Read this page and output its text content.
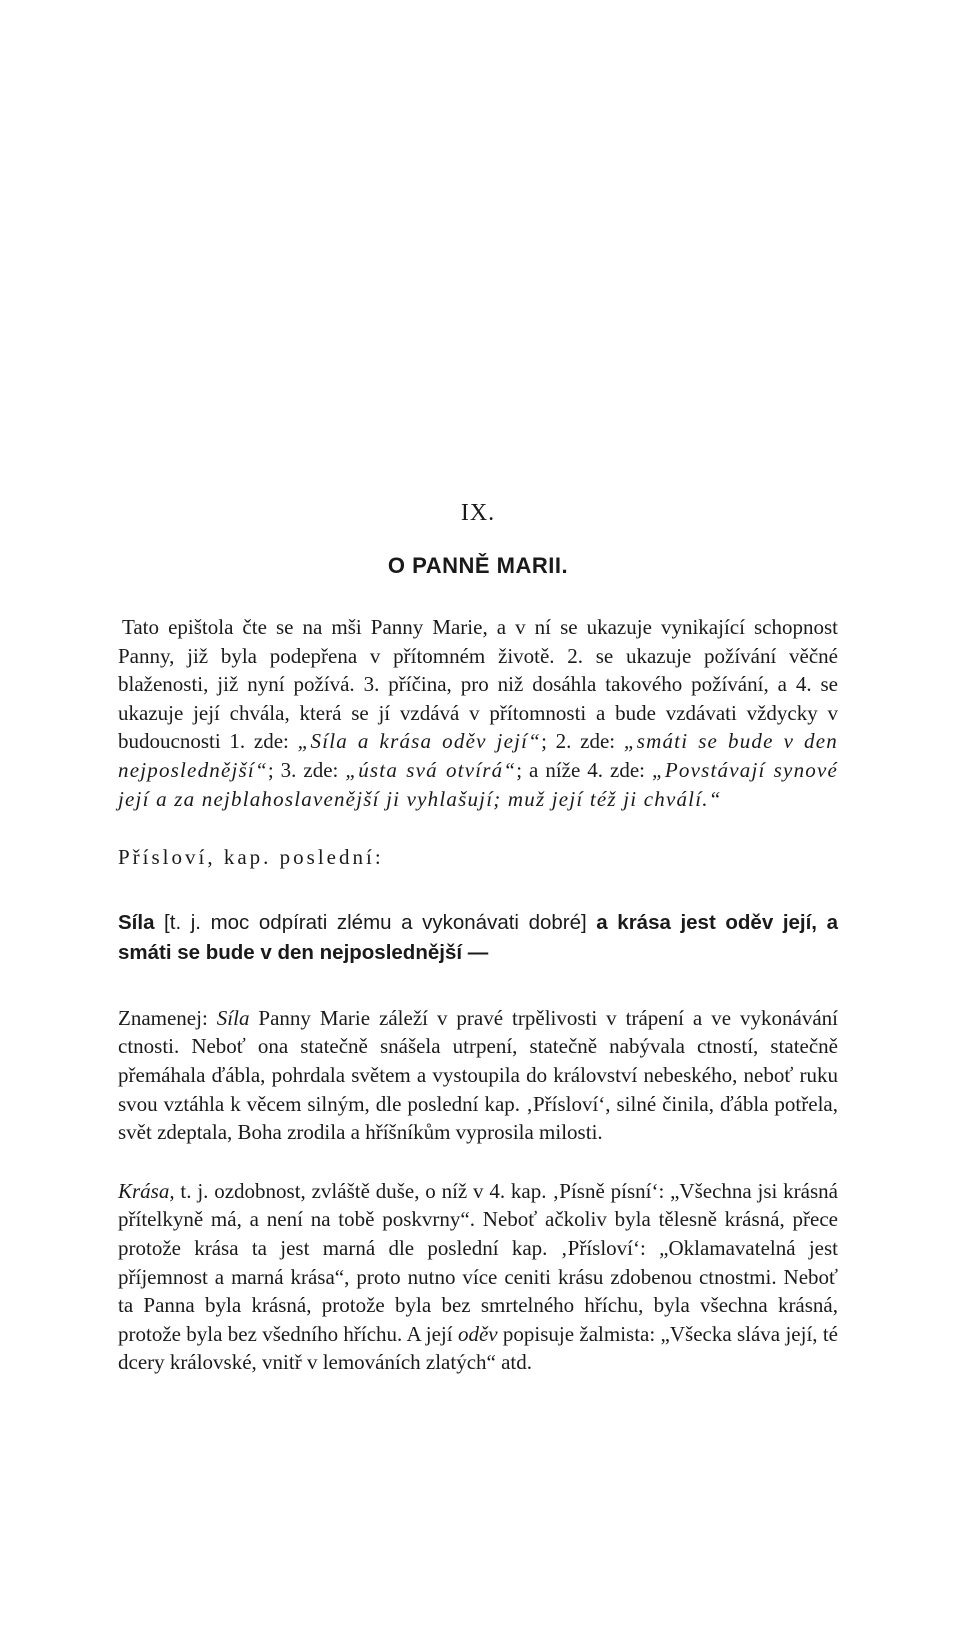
IX.
O PANNĚ MARII.

Tato epištola čte se na mši Panny Marie, a v ní se ukazuje vynikající schopnost Panny, již byla podepřena v přítomném životě. 2. se ukazuje požívání věčné blaženosti, již nyní požívá. 3. příčina, pro niž dosáhla takového požívání, a 4. se ukazuje její chvála, která se jí vzdává v přítomnosti a bude vzdávati vždycky v budoucnosti 1. zde: „Síla a krása oděv její“; 2. zde: „smáti se bude v den nejposlednější“; 3. zde: „ústa svá otvírá“; a níže 4. zde: „Povstávají synové její a za nejblahoslavenější ji vyhlašují; muž její též ji chválí.“

Přísloví, kap. poslední:

Síla [t. j. moc odpírati zlému a vykonávati dobré] a krása jest oděv její, a smáti se bude v den nejposlednější —

Znamenej: Síla Panny Marie záleží v pravé trpělivosti v trápení a ve vykonávání ctnosti. Neboť ona statečně snášela utrpení, statečně nabývala ctností, statečně přemáhala ďábla, pohrdala světem a vystoupila do království nebeského, neboť ruku svou vztáhla k věcem silným, dle poslední kap. ‚Přísloví‘, silné činila, ďábla potřela, svět zdeptala, Boha zrodila a hříšníkům vyprosila milosti.

Krása, t. j. ozdobnost, zvláště duše, o níž v 4. kap. ‚Písně písní‘: „Všechna jsi krásná přítelkyně má, a není na tobě poskvrny“. Neboť ačkoliv byla tělesně krásná, přece protože krása ta jest marná dle poslední kap. ‚Přísloví‘: „Oklamavatelná jest příjemnost a marná krása“, proto nutno více ceniti krásu zdobenou ctnostmi. Neboť ta Panna byla krásná, protože byla bez smrtelného hříchu, byla všechna krásná, protože byla bez všedního hříchu. A její oděv popisuje žalmista: „Všecka sláva její, té dcery královské, vnitř v lemováních zlatých“ atd.
